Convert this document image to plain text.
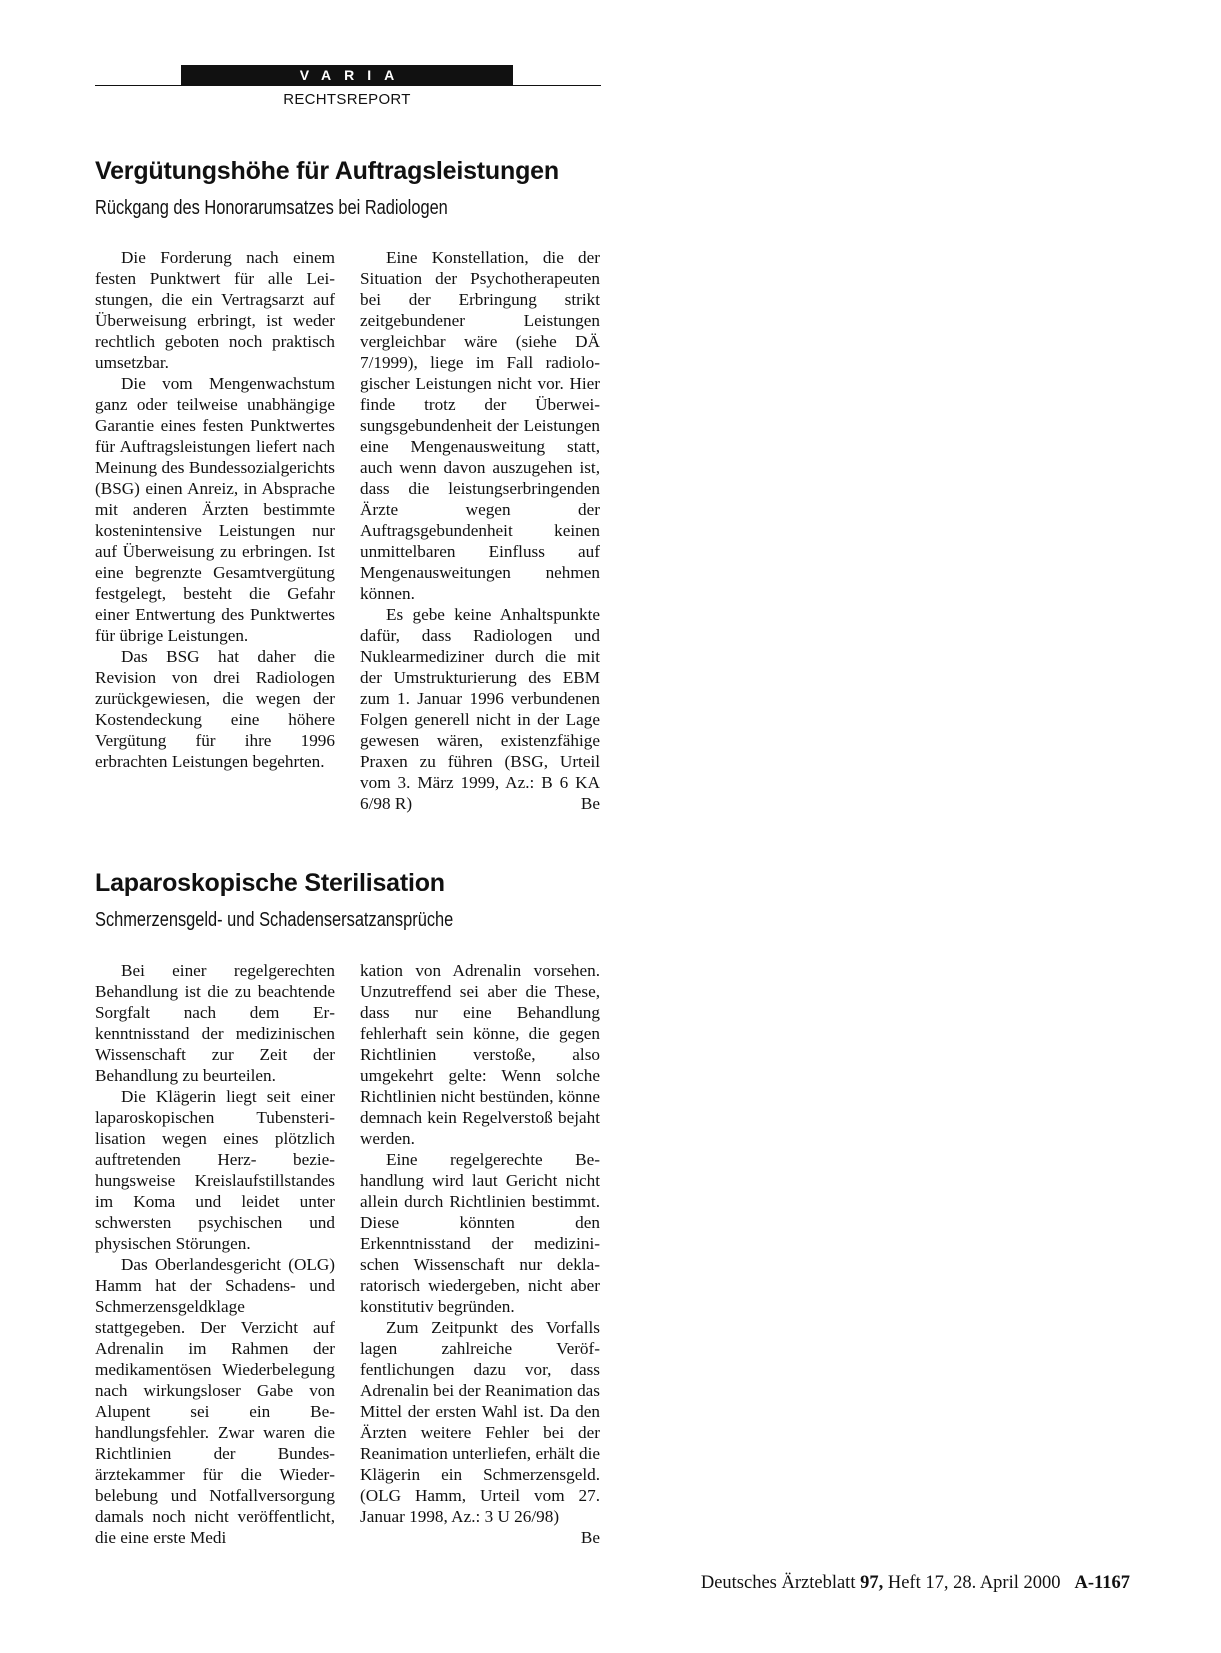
VARIA
RECHTSREPORT
Vergütungshöhe für Auftragsleistungen
Rückgang des Honorarumsatzes bei Radiologen

Die Forderung nach einem festen Punktwert für alle Leistungen, die ein Vertragsarzt auf Überweisung erbringt, ist weder rechtlich geboten noch praktisch umsetzbar.

Die vom Mengenwachstum ganz oder teilweise unabhängige Garantie eines festen Punktwertes für Auftragsleistungen liefert nach Meinung des Bundessozialgerichts (BSG) einen Anreiz, in Absprache mit anderen Ärzten bestimmte kostenintensive Leistungen nur auf Überweisung zu erbringen. Ist eine begrenzte Gesamtvergütung festgelegt, besteht die Gefahr einer Entwertung des Punktwertes für übrige Leistungen.

Das BSG hat daher die Revision von drei Radiologen zurückgewiesen, die wegen der Kostendeckung eine höhere Vergütung für ihre 1996 erbrachten Leistungen begehrten.

Eine Konstellation, die der Situation der Psychotherapeuten bei der Erbringung strikt zeitgebundener Leistungen vergleichbar wäre (siehe DÄ 7/1999), liege im Fall radiologischer Leistungen nicht vor. Hier finde trotz der Überweisungsgebundenheit der Leistungen eine Mengenausweitung statt, auch wenn davon auszugehen ist, dass die leistungserbringenden Ärzte wegen der Auftragsgebundenheit keinen unmittelbaren Einfluss auf Mengenausweitungen nehmen können.

Es gebe keine Anhaltspunkte dafür, dass Radiologen und Nuklearmediziner durch die mit der Umstrukturierung des EBM zum 1. Januar 1996 verbundenen Folgen generell nicht in der Lage gewesen wären, existenzfähige Praxen zu führen (BSG, Urteil vom 3. März 1999, Az.: B 6 KA 6/98 R)	Be

Laparoskopische Sterilisation
Schmerzensgeld- und Schadensersatzansprüche

Bei einer regelgerechten Behandlung ist die zu beachtende Sorgfalt nach dem Erkenntnisstand der medizinischen Wissenschaft zur Zeit der Behandlung zu beurteilen.

Die Klägerin liegt seit einer laparoskopischen Tubensterilisation wegen eines plötzlich auftretenden Herz- beziehungsweise Kreislaufstillstandes im Koma und leidet unter schwersten psychischen und physischen Störungen.

Das Oberlandesgericht (OLG) Hamm hat der Schadens- und Schmerzensgeldklage stattgegeben. Der Verzicht auf Adrenalin im Rahmen der medikamentösen Wiederbelegung nach wirkungsloser Gabe von Alupent sei ein Behandlungsfehler. Zwar waren die Richtlinien der Bundesärztekammer für die Wiederbelebung und Notfallversorgung damals noch nicht veröffentlicht, die eine erste Medi

kation von Adrenalin vorsehen. Unzutreffend sei aber die These, dass nur eine Behandlung fehlerhaft sein könne, die gegen Richtlinien verstoße, also umgekehrt gelte: Wenn solche Richtlinien nicht bestünden, könne demnach kein Regelverstoß bejaht werden.

Eine regelgerechte Behandlung wird laut Gericht nicht allein durch Richtlinien bestimmt. Diese könnten den Erkenntnisstand der medizinischen Wissenschaft nur deklaratorisch wiedergeben, nicht aber konstitutiv begründen.

Zum Zeitpunkt des Vorfalls lagen zahlreiche Veröffentlichungen dazu vor, dass Adrenalin bei der Reanimation das Mittel der ersten Wahl ist. Da den Ärzten weitere Fehler bei der Reanimation unterliefen, erhält die Klägerin ein Schmerzensgeld. (OLG Hamm, Urteil vom 27. Januar 1998, Az.: 3 U 26/98)
Be

Deutsches Ärzteblatt 97, Heft 17, 28. April 2000 A-1167
